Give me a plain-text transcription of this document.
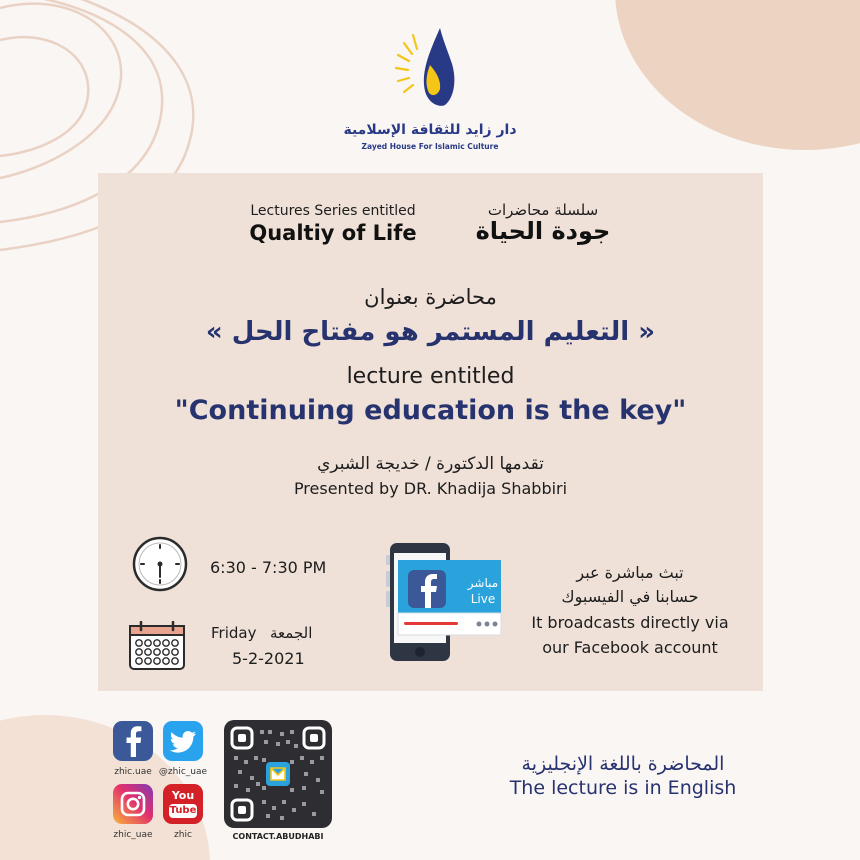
دار زايد للثقافة الإسلامية
Zayed House For Islamic Culture
Lectures Series entitled
Qualtiy of Life
سلسلة محاضرات
جودة الحياة
محاضرة بعنوان
« التعليم المستمر هو مفتاح الحل »
lecture entitled
"Continuing education is the key"
تقدمها الدكتورة / خديجة الشبري
Presented by DR. Khadija Shabbiri
6:30 - 7:30 PM
Friday الجمعة
5-2-2021
مباشر
Live
تبث مباشرة عبر
حسابنا في الفيسبوك
It broadcasts directly via
our Facebook account
zhic.uae @zhic_uae
zhic_uae
You
Tube
zhic	CONTACT.ABUDHABI
المحاضرة باللغة الإنجليزية
The lecture is in English
